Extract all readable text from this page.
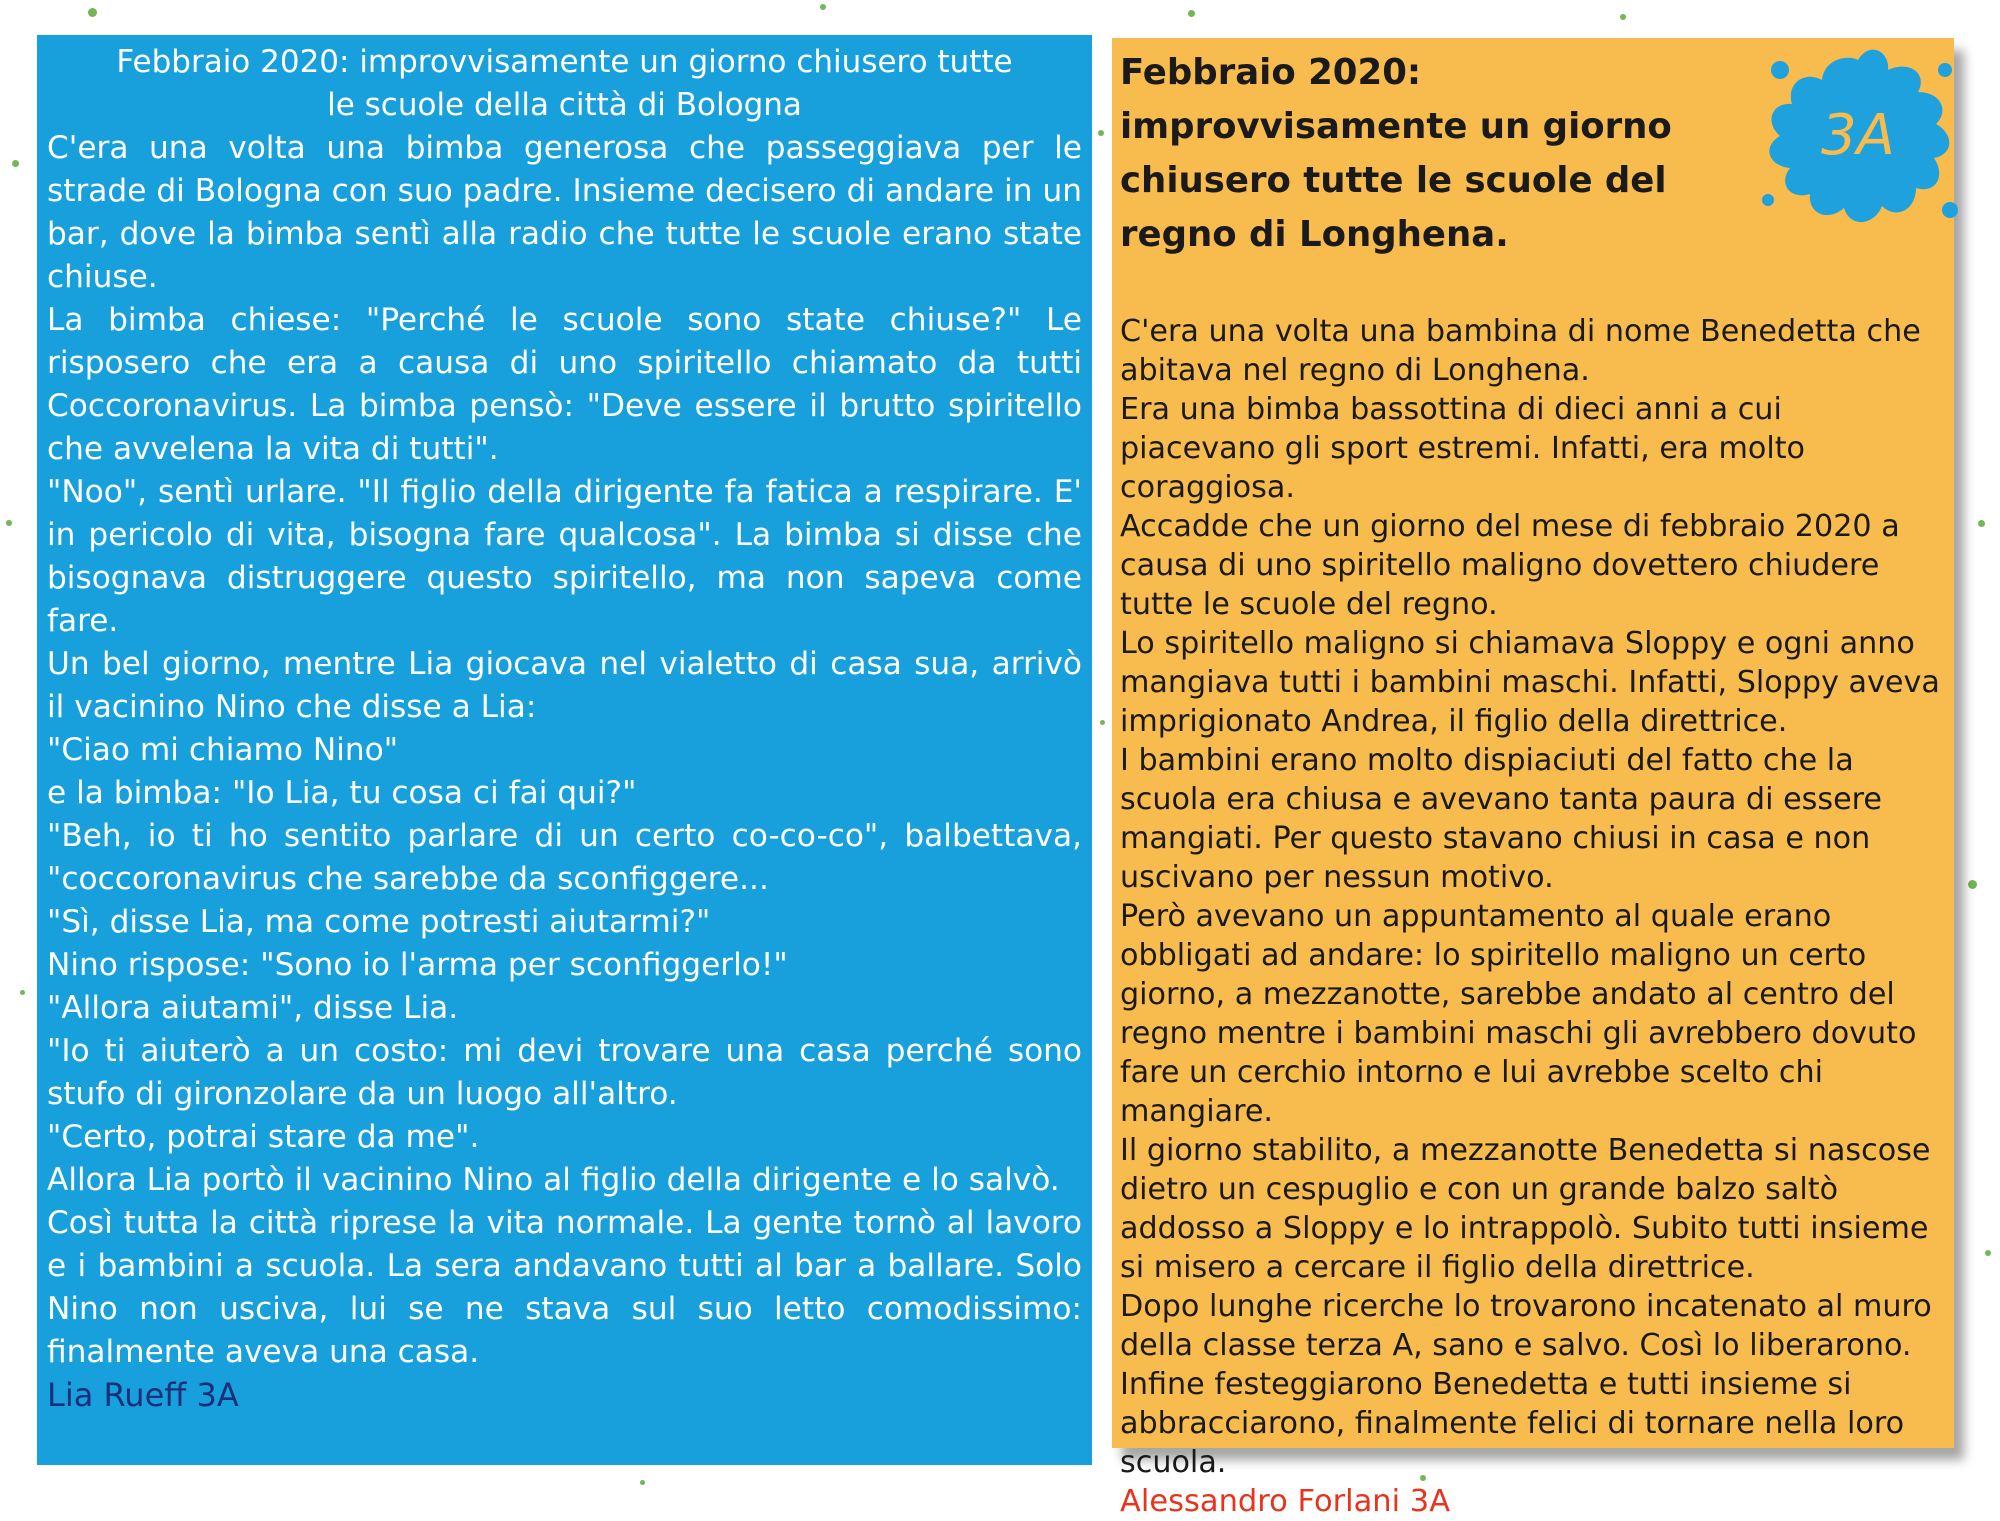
Febbraio 2020: improvvisamente un giorno chiusero tutte le scuole della città di Bologna

C'era una volta una bimba generosa che passeggiava per le strade di Bologna con suo padre. Insieme decisero di andare in un bar, dove la bimba sentì alla radio che tutte le scuole erano state chiuse.

La bimba chiese: "Perché le scuole sono state chiuse?" Le risposero che era a causa di uno spiritello chiamato da tutti Coccoronavirus. La bimba pensò: "Deve essere il brutto spiritello che avvelena la vita di tutti".

"Noo", sentì urlare. "Il figlio della dirigente fa fatica a respirare. E' in pericolo di vita, bisogna fare qualcosa". La bimba si disse che bisognava distruggere questo spiritello, ma non sapeva come fare.

Un bel giorno, mentre Lia giocava nel vialetto di casa sua, arrivò il vacinino Nino che disse a Lia:

"Ciao mi chiamo Nino"

e la bimba: "Io Lia, tu cosa ci fai qui?"

"Beh, io ti ho sentito parlare di un certo co-co-co", balbettava, "coccoronavirus che sarebbe da sconfiggere...

"Sì, disse Lia, ma come potresti aiutarmi?"

Nino rispose: "Sono io l'arma per sconfiggerlo!"

"Allora aiutami", disse Lia.

"Io ti aiuterò a un costo: mi devi trovare una casa perché sono stufo di gironzolare da un luogo all'altro.

"Certo, potrai stare da me".

Allora Lia portò il vacinino Nino al figlio della dirigente e lo salvò.

Così tutta la città riprese la vita normale. La gente tornò al lavoro e i bambini a scuola. La sera andavano tutti al bar a ballare. Solo Nino non usciva, lui se ne stava sul suo letto comodissimo: finalmente aveva una casa.

Lia Rueff 3A
Febbraio 2020: improvvisamente un giorno chiusero tutte le scuole del regno di Longhena.

C'era una volta una bambina di nome Benedetta che abitava nel regno di Longhena.

Era una bimba bassottina di dieci anni a cui piacevano gli sport estremi. Infatti, era molto coraggiosa.

Accadde che un giorno del mese di febbraio 2020 a causa di uno spiritello maligno dovettero chiudere tutte le scuole del regno.

Lo spiritello maligno si chiamava Sloppy e ogni anno mangiava tutti i bambini maschi. Infatti, Sloppy aveva imprigionato Andrea, il figlio della direttrice.

I bambini erano molto dispiaciuti del fatto che la scuola era chiusa e avevano tanta paura di essere mangiati. Per questo stavano chiusi in casa e non uscivano per nessun motivo.

Però avevano un appuntamento al quale erano obbligati ad andare: lo spiritello maligno un certo giorno, a mezzanotte, sarebbe andato al centro del regno mentre i bambini maschi gli avrebbero dovuto fare un cerchio intorno e lui avrebbe scelto chi mangiare.

Il giorno stabilito, a mezzanotte Benedetta si nascose dietro un cespuglio e con un grande balzo saltò addosso a Sloppy e lo intrappolò. Subito tutti insieme si misero a cercare il figlio della direttrice.

Dopo lunghe ricerche lo trovarono incatenato al muro della classe terza A, sano e salvo. Così lo liberarono.

Infine festeggiarono Benedetta e tutti insieme si abbracciarono, finalmente felici di tornare nella loro scuola.

Alessandro Forlani 3A

3A
